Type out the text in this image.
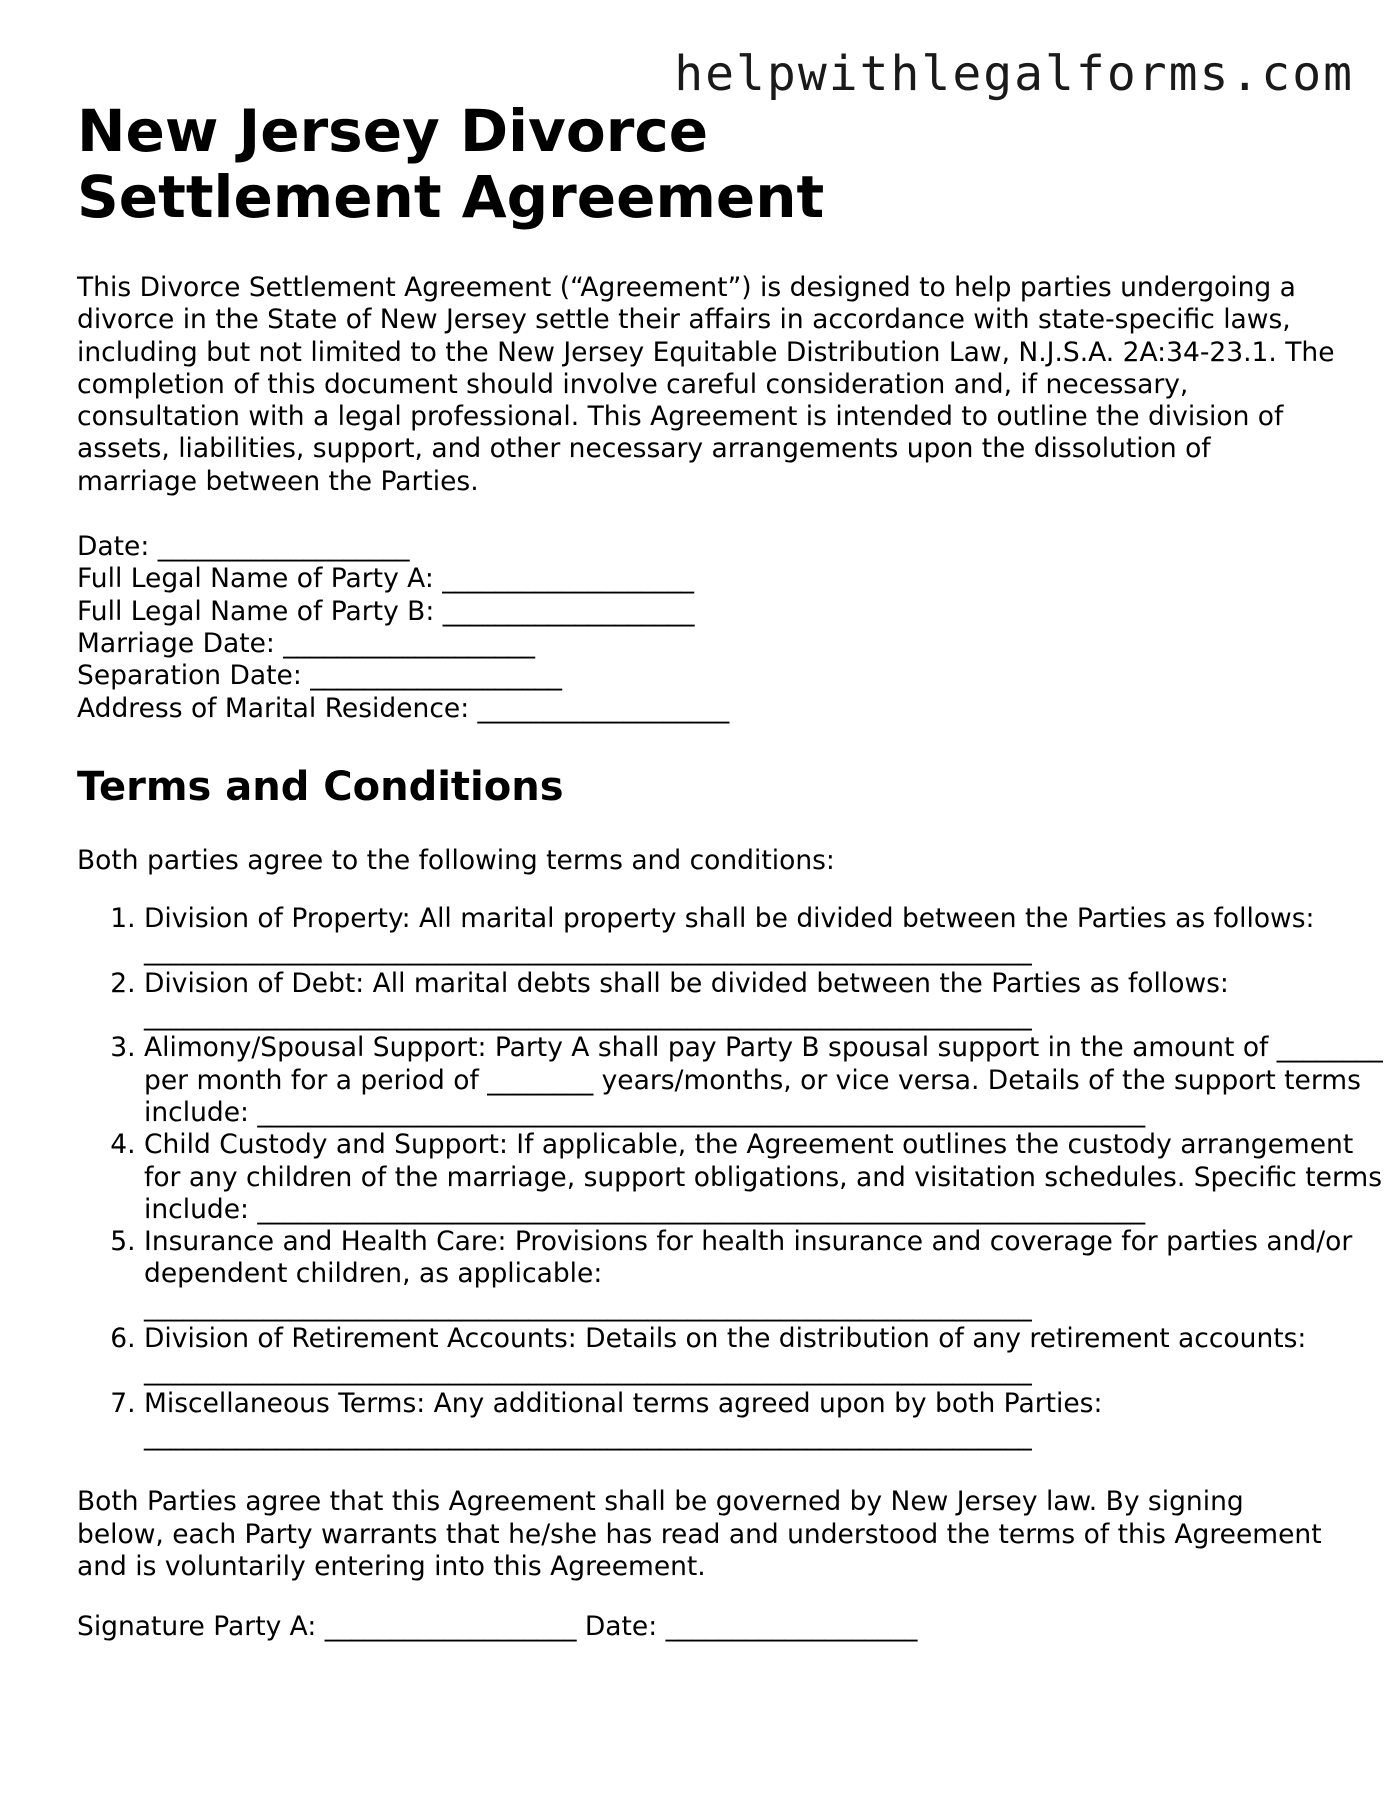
helpwithlegalforms.com
New Jersey Divorce Settlement Agreement

This Divorce Settlement Agreement (“Agreement”) is designed to help parties undergoing a divorce in the State of New Jersey settle their affairs in accordance with state-specific laws, including but not limited to the New Jersey Equitable Distribution Law, N.J.S.A. 2A:34-23.1. The completion of this document should involve careful consideration and, if necessary, consultation with a legal professional. This Agreement is intended to outline the division of assets, liabilities, support, and other necessary arrangements upon the dissolution of marriage between the Parties.

Date: ___________________
Full Legal Name of Party A: ___________________
Full Legal Name of Party B: ___________________
Marriage Date: ___________________
Separation Date: ___________________
Address of Marital Residence: ___________________
Terms and Conditions

Both parties agree to the following terms and conditions:

1. Division of Property: All marital property shall be divided between the Parties as follows: ___________________________________________________________________
2. Division of Debt: All marital debts shall be divided between the Parties as follows: ___________________________________________________________________
3. Alimony/Spousal Support: Party A shall pay Party B spousal support in the amount of ________ per month for a period of ________ years/months, or vice versa. Details of the support terms include: ___________________________________________________________________
4. Child Custody and Support: If applicable, the Agreement outlines the custody arrangement for any children of the marriage, support obligations, and visitation schedules. Specific terms include: ___________________________________________________________________
5. Insurance and Health Care: Provisions for health insurance and coverage for parties and/or dependent children, as applicable: ___________________________________________________________________
6. Division of Retirement Accounts: Details on the distribution of any retirement accounts: ___________________________________________________________________
7. Miscellaneous Terms: Any additional terms agreed upon by both Parties: ___________________________________________________________________

Both Parties agree that this Agreement shall be governed by New Jersey law. By signing below, each Party warrants that he/she has read and understood the terms of this Agreement and is voluntarily entering into this Agreement.

Signature Party A: ___________________ Date: ___________________
